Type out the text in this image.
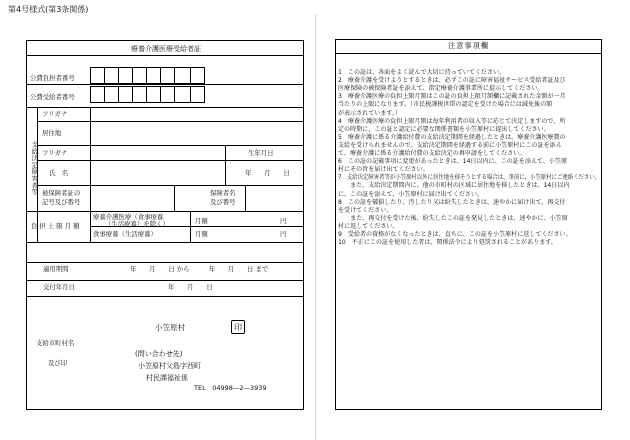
第4号様式(第3条関係)
療養介護医療受給者証
公費負担者番号
公費受給者番号
支給決定障害者等
フリガナ
居住地
フリガナ	生年月日
氏　名	年　　月　　日
被保険者証の
記号及び番号
保険者名
及び番号
負 担 上 限 月 額
療養介護医療（食事療養
（生活療養）を除く）
食事療養（生活療養）
月額	円
月額	円
適用期間	年　　月　　日 から　　　年　　月　　日 まで
交付年月日	年　　月　　日
支給市町村名
及び印
小笠原村	印
(問い合わせ先)
小笠原村父島字西町
村民課福祉係
TEL　04998―2―3939
注意事項欄
1　この証は、各面をよく読んで大切に持っていてください。
2　療養介護を受けようとするときは、必ずこの証に障害福祉サービス受給者証及び
医療保険の被保険者証を添えて、指定療養介護事業所に提示してください。
3　療養介護医療の負担上限月額はこの証の負担上限月額欄に記載された金額が一月
当たりの上限になります。（市民税課税世帯の認定を受けた場合には減免後の額
が表示されています。）
4　療養介護医療の負担上限月額は毎年利用者の収入等に応じて決定しますので、所
定の時期に、この証と認定に必要な関係書類を小笠原村に提出してください。
5　療養介護に係る介護給付費の支給決定期間を経過したときは、療養介護医療費の
支給を受けられませんので、支給決定期間を経過する前に小笠原村にこの証を添え
て、療養介護に係る介護給付費の支給決定の再申請をしてください。
6　この証の記載事項に変更があったときは、14日以内に、この証を添えて、小笠原
村にその旨を届け出てください。
7　支給決定障害者等が小笠原村以外に居住地を移そうとする場合は、事前に、小笠原村にご連絡ください。
　　また、支給決定期間内に、他の市町村の区域に居住地を移したときは、14日以内
に、この証を添えて、小笠原村に届け出てください。
8　この証を破損したり、汚したり又は紛失したときは、速やかに届け出て、再交付
を受けてください。
　　また、再交付を受けた後、紛失したこの証を発見したときは、速やかに、小笠原
村に返してください。
9　受給者の資格がなくなったときは、直ちに、この証を小笠原村に返してください。
10　不正にこの証を使用した者は、関係法令により処罰されることがあります。
